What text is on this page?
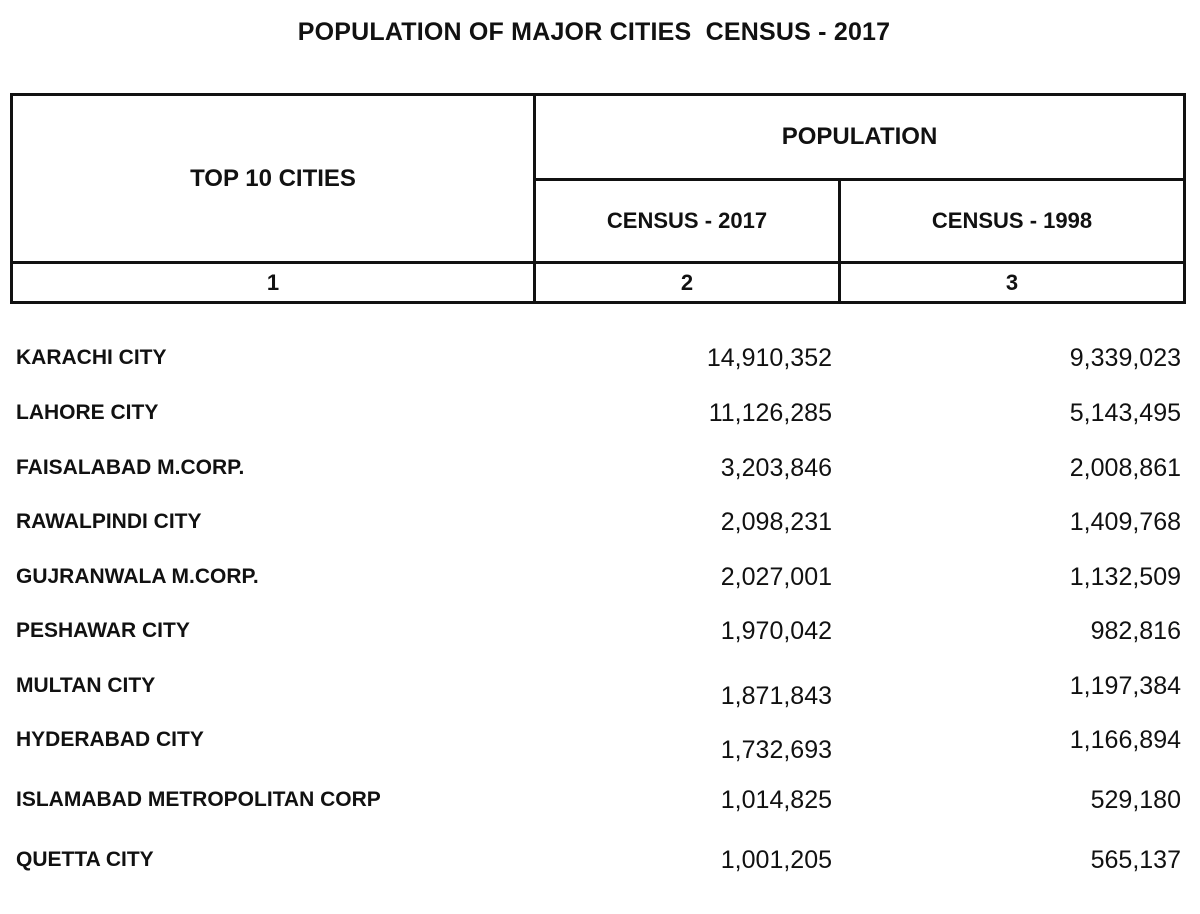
POPULATION OF MAJOR CITIES  CENSUS - 2017
TOP 10 CITIES
POPULATION
CENSUS - 2017	CENSUS - 1998
1	2	3
KARACHI CITY	14,910,352	9,339,023
LAHORE CITY	11,126,285	5,143,495
FAISALABAD M.CORP.	3,203,846	2,008,861
RAWALPINDI CITY	2,098,231	1,409,768
GUJRANWALA M.CORP.	2,027,001	1,132,509
PESHAWAR CITY	1,970,042	982,816
MULTAN CITY	1,871,843	1,197,384
HYDERABAD CITY	1,732,693	1,166,894
ISLAMABAD METROPOLITAN CORP	1,014,825	529,180
QUETTA CITY	1,001,205	565,137
